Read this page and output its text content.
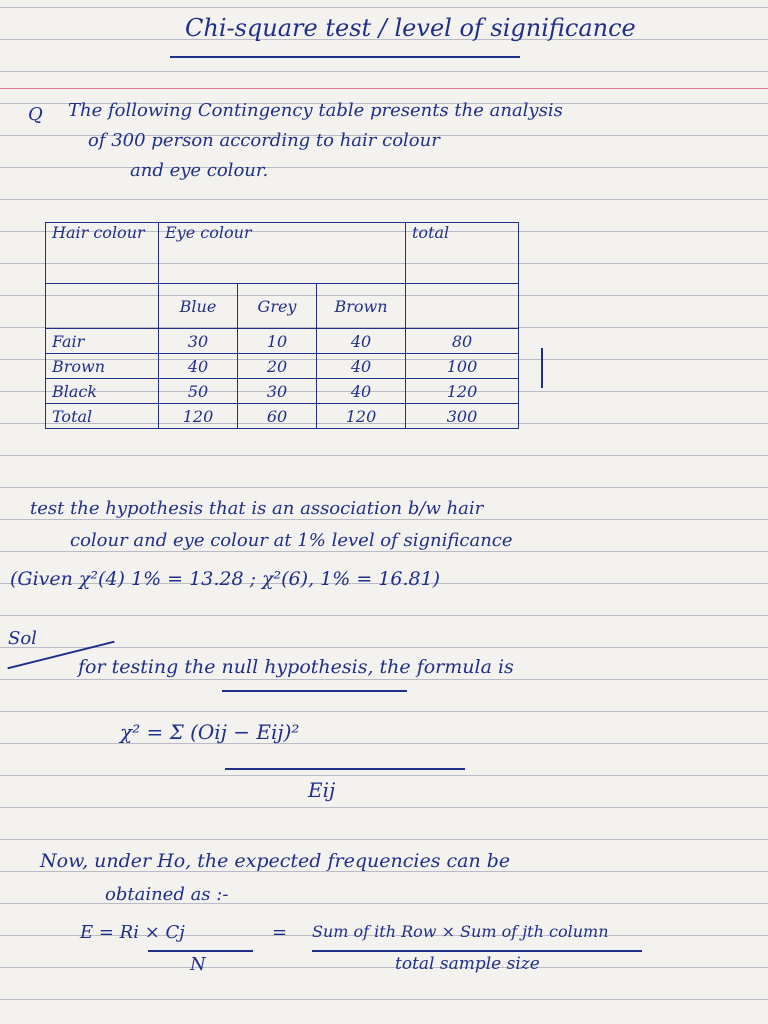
Chi-square test / level of significance
Q The following Contingency table presents the analysis
of 300 person according to hair colour
and eye colour.
Hair colour	Eye colour			total
	Blue	Grey	Brown	
Fair	30	10	40	80
Brown	40	20	40	100
Black	50	30	40	120
Total	120	60	120	300
test the hypothesis that is an association b/w hair
colour and eye colour at 1% level of significance
(Given χ²(4) 1% = 13.28 ; χ²(6), 1% = 16.81)
Sol
for testing the null hypothesis, the formula is
χ² = Σ (Oij − Eij)²
Eij
Now, under Ho, the expected frequencies can be
obtained as :-
E = Ri × Cj
N
= Sum of ith Row × Sum of jth column
total sample size
